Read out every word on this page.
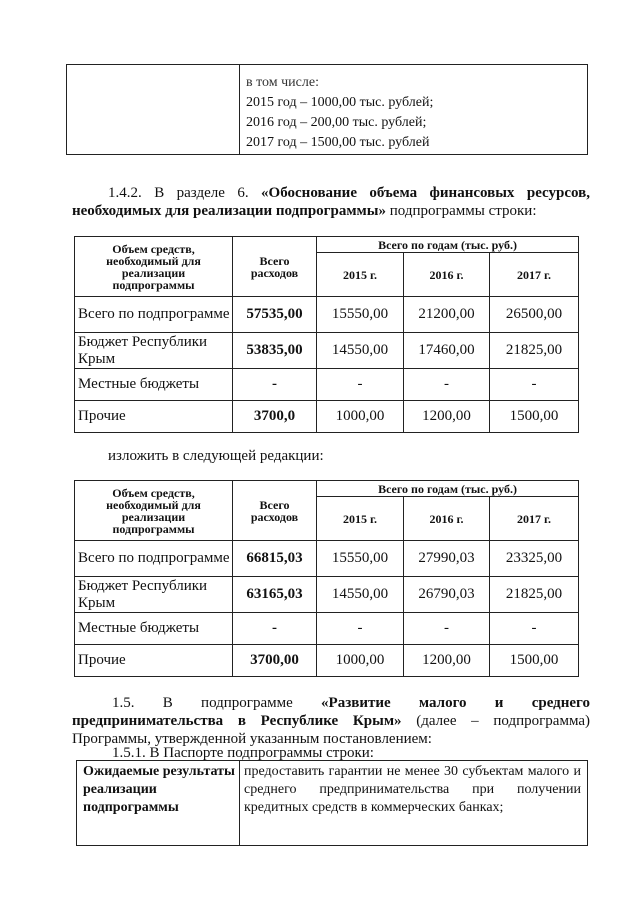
в том числе:
2015 год – 1000,00 тыс. рублей;
2016 год – 200,00 тыс. рублей;
2017 год – 1500,00 тыс. рублей
1.4.2. В разделе 6. «Обоснование объема финансовых ресурсов, необходимых для реализации подпрограммы» подпрограммы строки:
Объем средств, необходимый для реализации подпрограммы	Всего расходов	Всего по годам (тыс. руб.)		
		2015 г.	2016 г.	2017 г.
Всего по подпрограмме	57535,00	15550,00	21200,00	26500,00
Бюджет Республики Крым	53835,00	14550,00	17460,00	21825,00
Местные бюджеты	-	-	-	-
Прочие	3700,0	1000,00	1200,00	1500,00
изложить в следующей редакции:
Объем средств, необходимый для реализации подпрограммы	Всего расходов	Всего по годам (тыс. руб.)		
		2015 г.	2016 г.	2017 г.
Всего по подпрограмме	66815,03	15550,00	27990,03	23325,00
Бюджет Республики Крым	63165,03	14550,00	26790,03	21825,00
Местные бюджеты	-	-	-	-
Прочие	3700,00	1000,00	1200,00	1500,00
1.5. В подпрограмме «Развитие малого и среднего предпринимательства в Республике Крым» (далее – подпрограмма) Программы, утвержденной указанным постановлением:
1.5.1. В Паспорте подпрограммы строки:
Ожидаемые результаты реализации подпрограммы	предоставить гарантии не менее 30 субъектам малого и среднего предпринимательства при получении кредитных средств в коммерческих банках;
